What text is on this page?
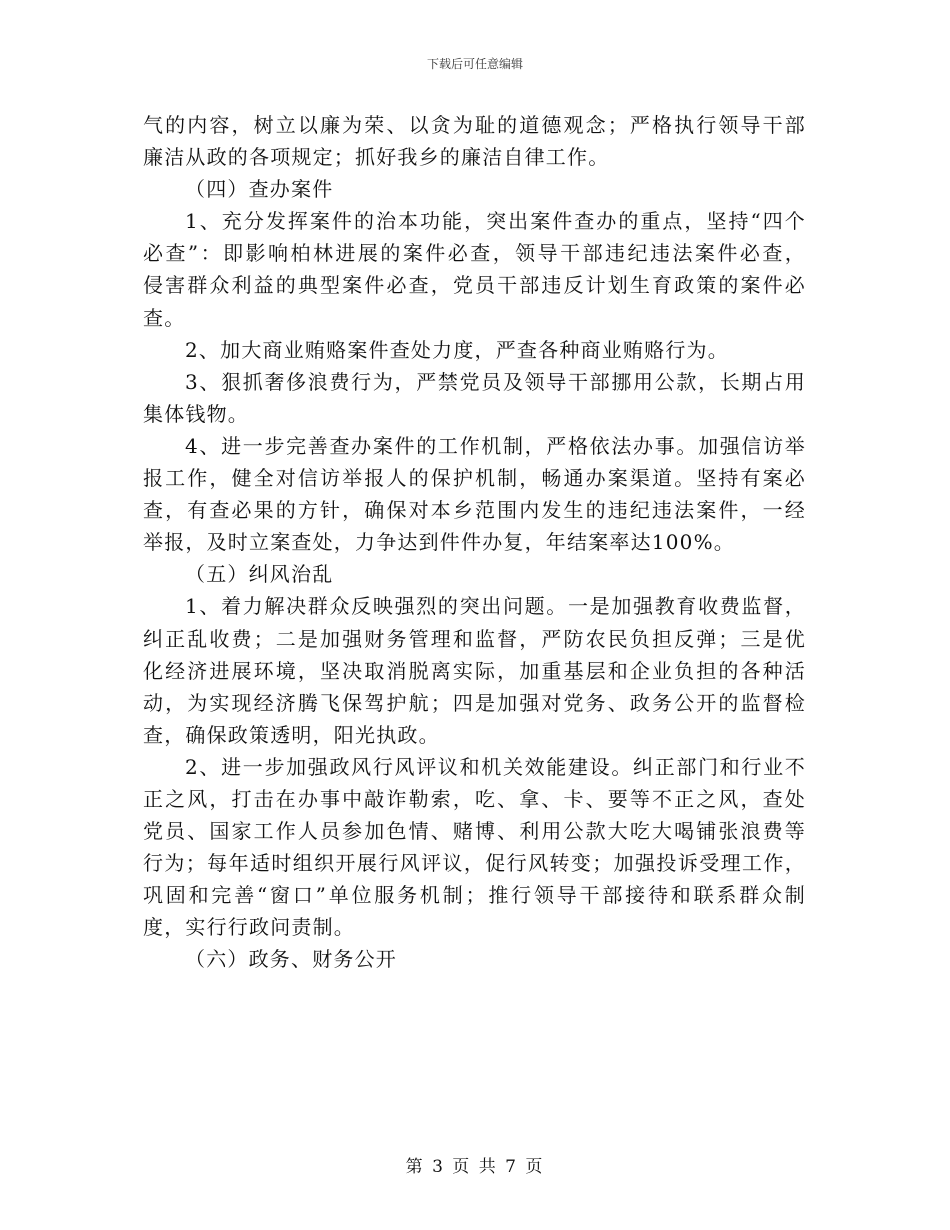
下载后可任意编辑
气的内容，树立以廉为荣、以贪为耻的道德观念；严格执行领导干部
廉洁从政的各项规定；抓好我乡的廉洁自律工作。
（四）查办案件
1、充分发挥案件的治本功能，突出案件查办的重点，坚持“四个
必查”：即影响柏林进展的案件必查，领导干部违纪违法案件必查，
侵害群众利益的典型案件必查，党员干部违反计划生育政策的案件必
查。
2、加大商业贿赂案件查处力度，严查各种商业贿赂行为。
3、狠抓奢侈浪费行为，严禁党员及领导干部挪用公款，长期占用
集体钱物。
4、进一步完善查办案件的工作机制，严格依法办事。加强信访举
报工作，健全对信访举报人的保护机制，畅通办案渠道。坚持有案必
查，有查必果的方针，确保对本乡范围内发生的违纪违法案件，一经
举报，及时立案查处，力争达到件件办复，年结案率达100%。
（五）纠风治乱
1、着力解决群众反映强烈的突出问题。一是加强教育收费监督，
纠正乱收费；二是加强财务管理和监督，严防农民负担反弹；三是优
化经济进展环境，坚决取消脱离实际，加重基层和企业负担的各种活
动，为实现经济腾飞保驾护航；四是加强对党务、政务公开的监督检
查，确保政策透明，阳光执政。
2、进一步加强政风行风评议和机关效能建设。纠正部门和行业不
正之风，打击在办事中敲诈勒索，吃、拿、卡、要等不正之风，查处
党员、国家工作人员参加色情、赌博、利用公款大吃大喝铺张浪费等
行为；每年适时组织开展行风评议，促行风转变；加强投诉受理工作，
巩固和完善“窗口”单位服务机制；推行领导干部接待和联系群众制
度，实行行政问责制。
（六）政务、财务公开
第 3 页 共 7 页
